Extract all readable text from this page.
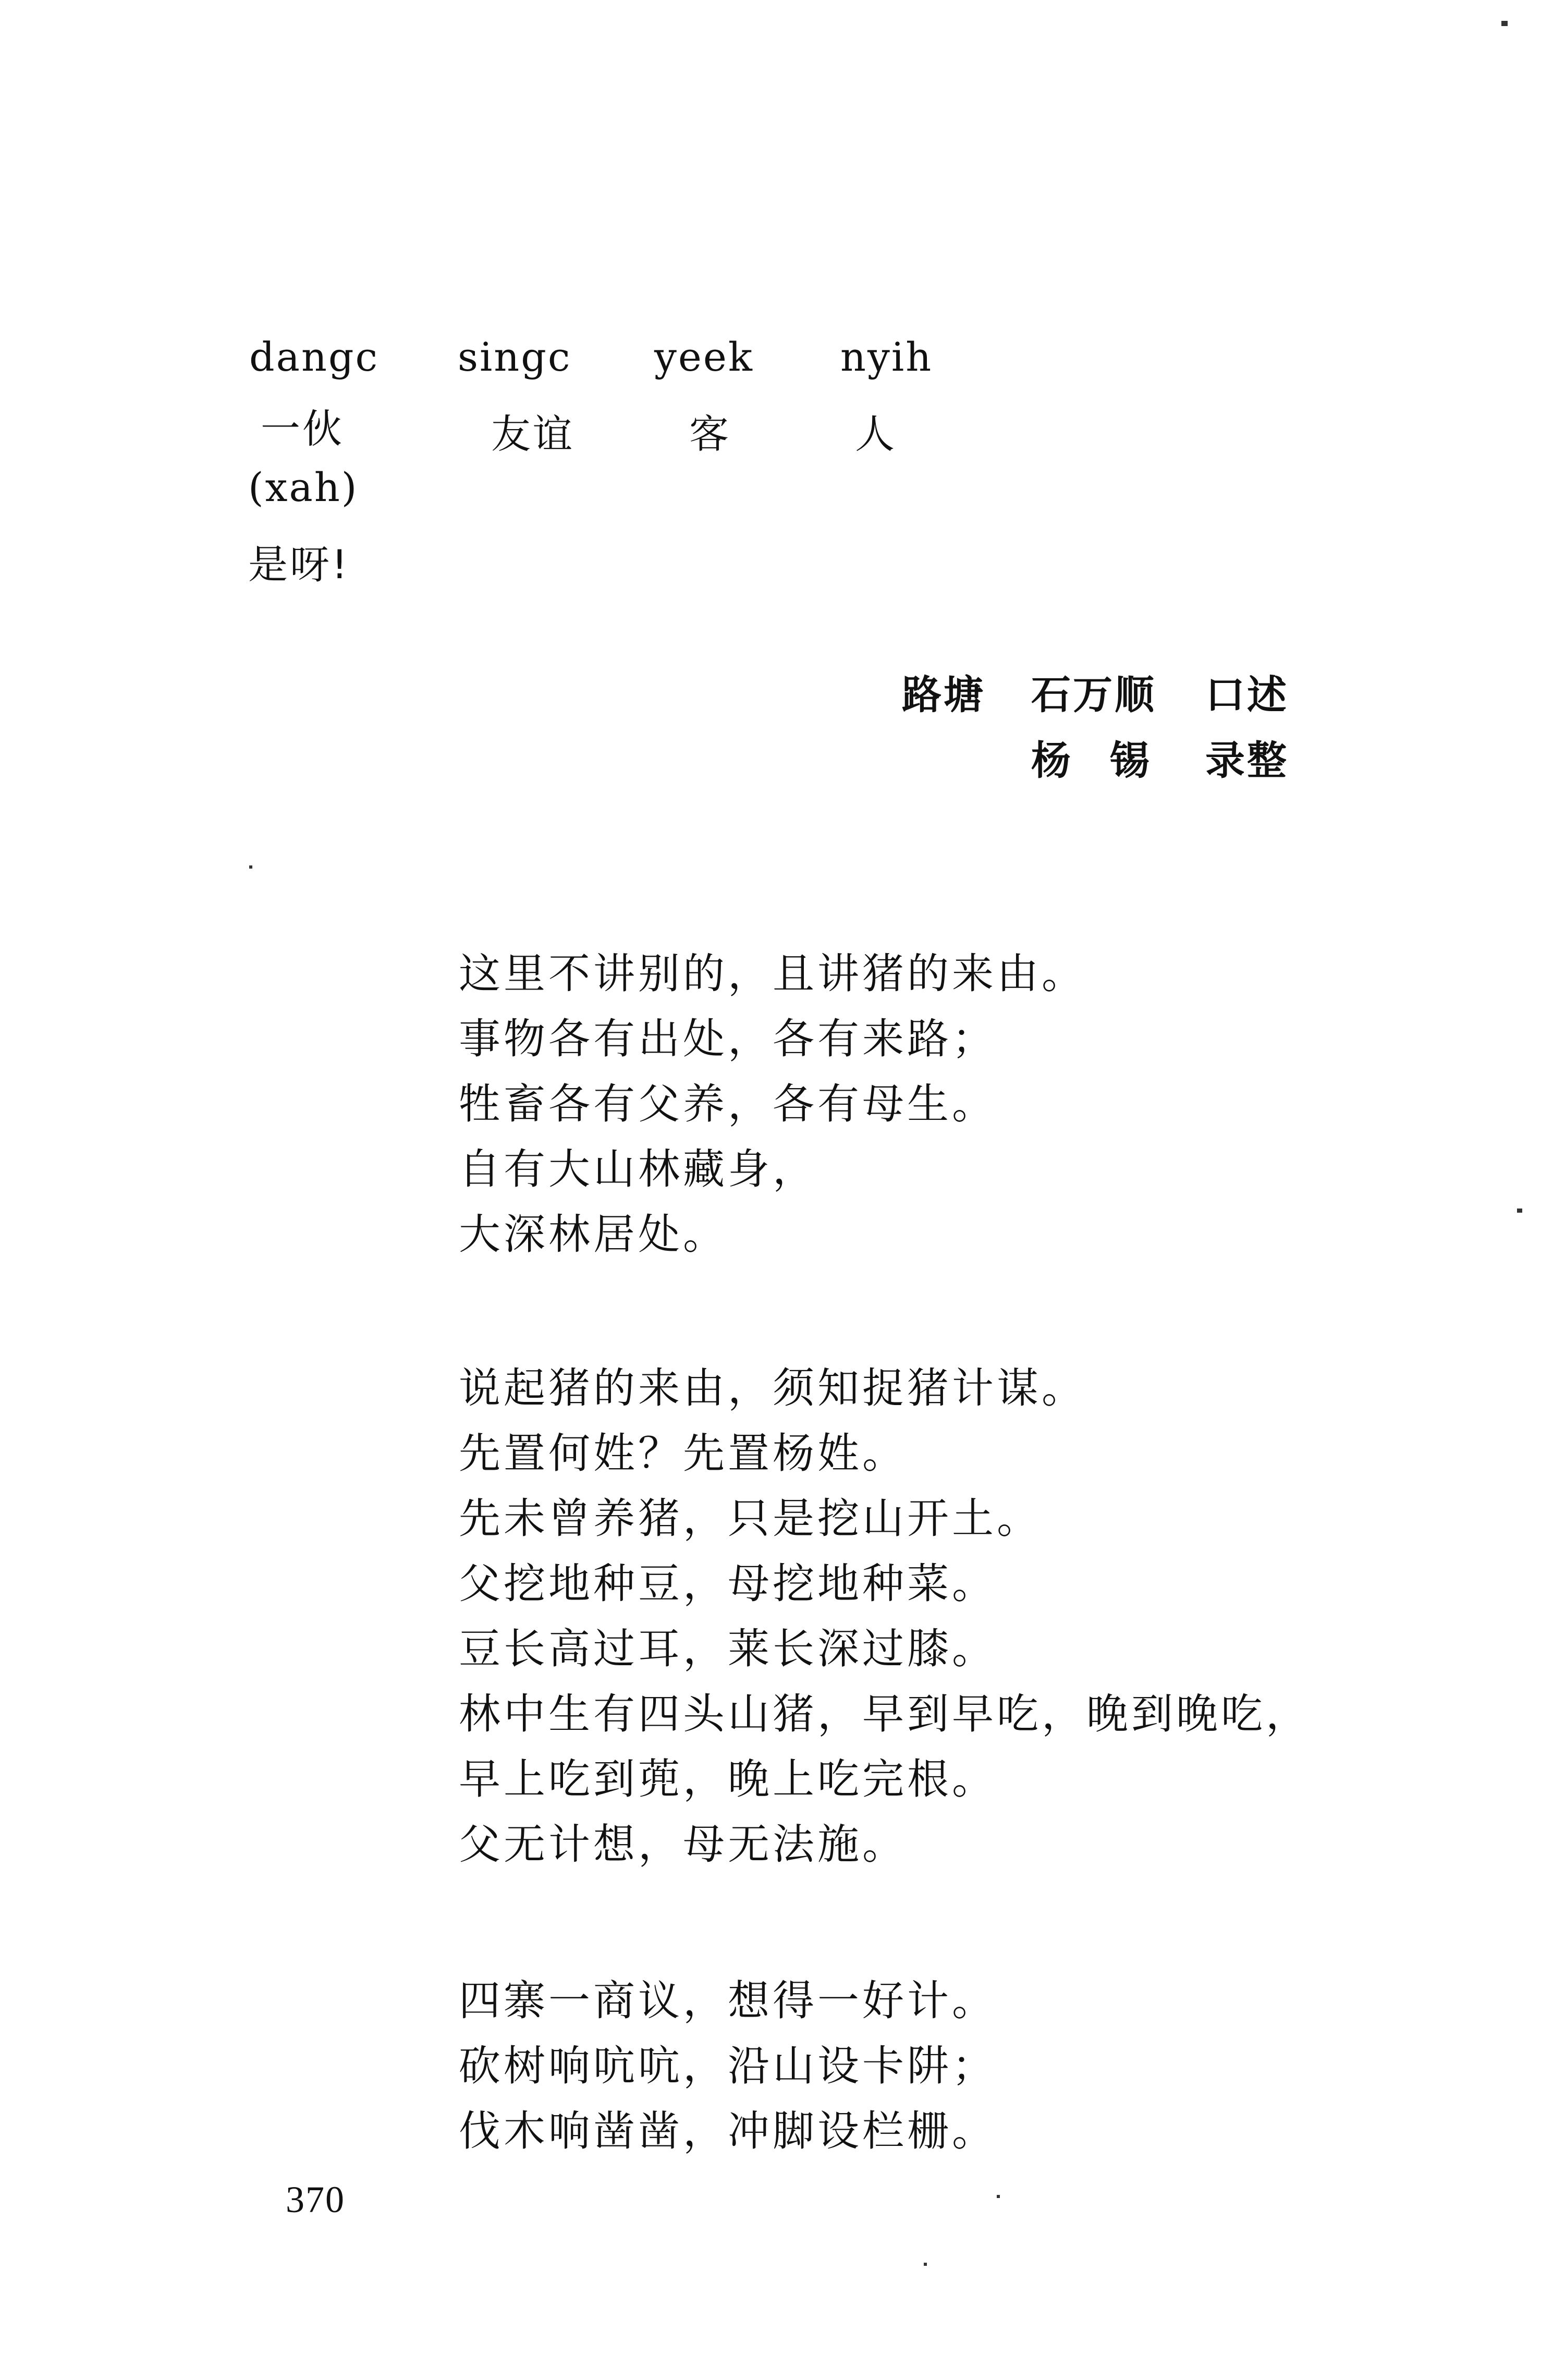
dangc singc yeek nyih
一伙	友谊	客	人
(xah)
是呀!
路塘 石万顺 口述
杨 锡 录整
这里不讲别的，且讲猪的来由。
事物各有出处，各有来路；
牲畜各有父养，各有母生。
自有大山林藏身，
大深林居处。
说起猪的来由，须知捉猪计谋。
先置何姓？先置杨姓。
先未曾养猪，只是挖山开土。
父挖地种豆，母挖地种菜。
豆长高过耳，莱长深过膝。
林中生有四头山猪，早到早吃，晚到晚吃，
早上吃到蔸，晚上吃完根。
父无计想，母无法施。
四寨一商议，想得一好计。
砍树响吭吭，沿山设卡阱；
伐木响凿凿，冲脚设栏栅。
370
